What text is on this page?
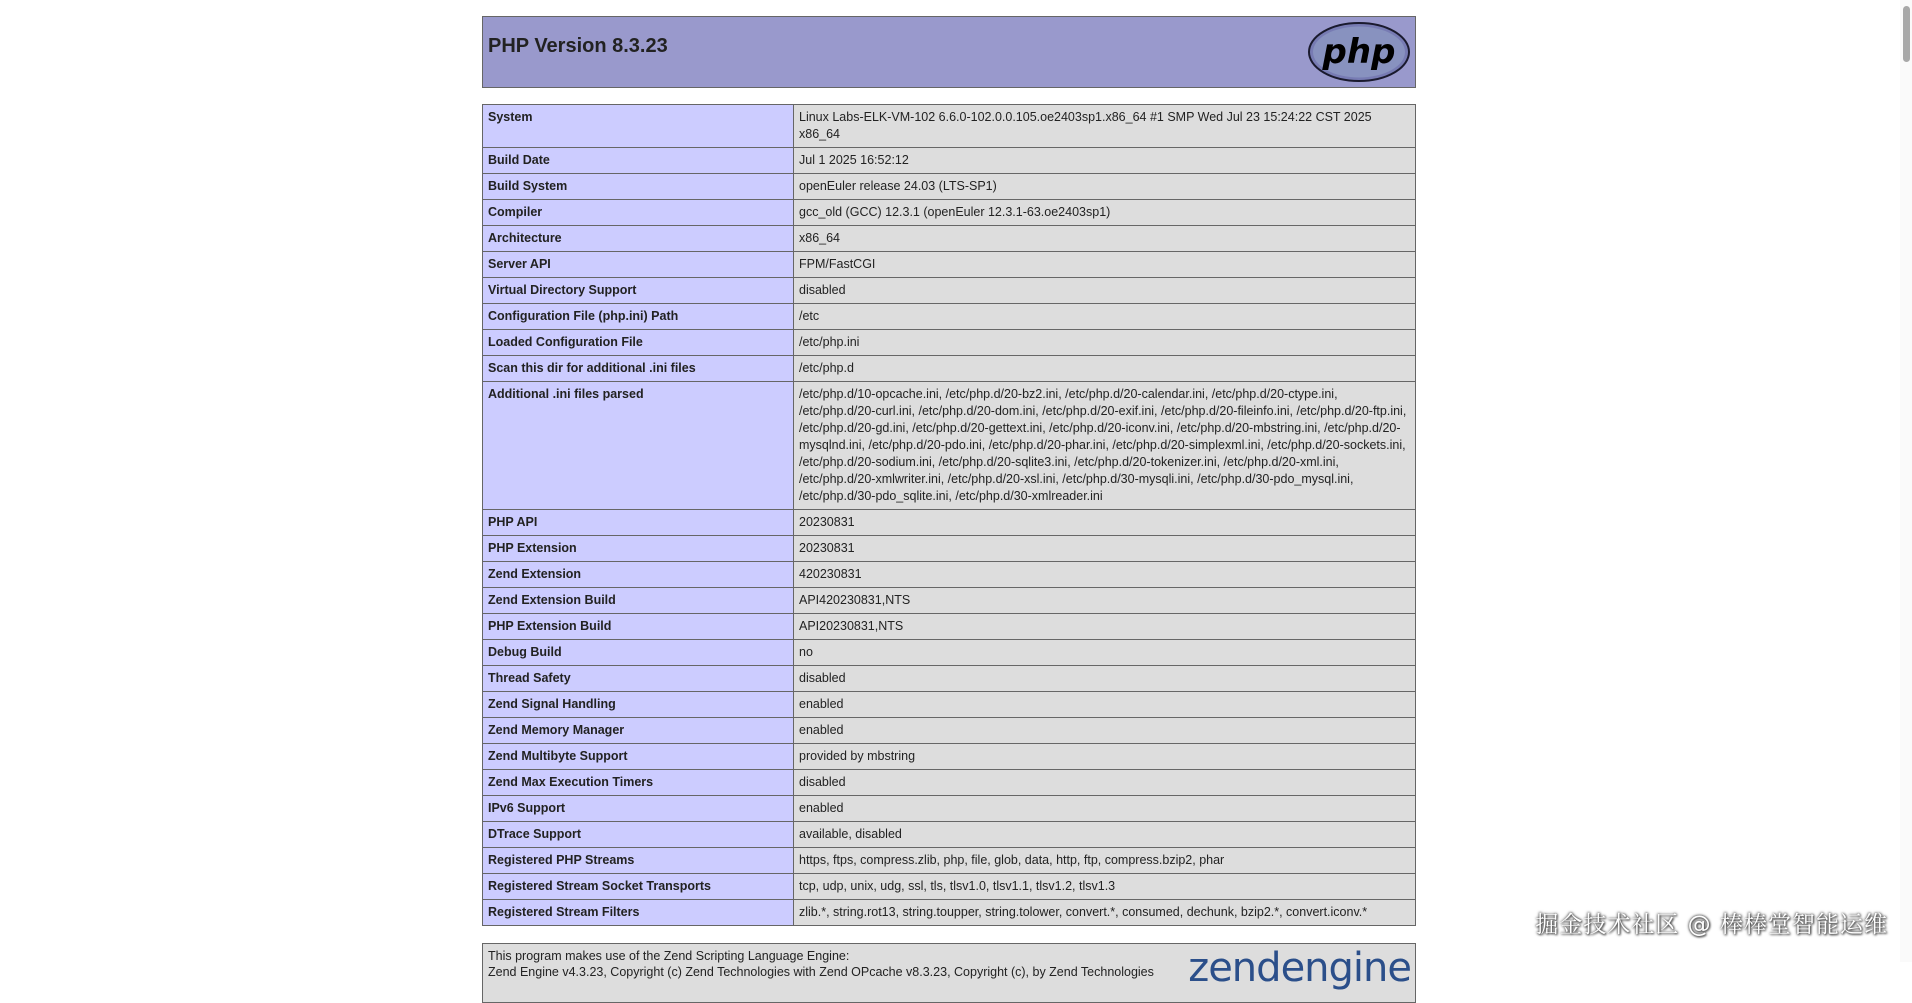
PHP Version 8.3.23	php
System	Linux Labs-ELK-VM-102 6.6.0-102.0.0.105.oe2403sp1.x86_64 #1 SMP Wed Jul 23 15:24:22 CST 2025 x86_64
Build Date	Jul 1 2025 16:52:12
Build System	openEuler release 24.03 (LTS-SP1)
Compiler	gcc_old (GCC) 12.3.1 (openEuler 12.3.1-63.oe2403sp1)
Architecture	x86_64
Server API	FPM/FastCGI
Virtual Directory Support	disabled
Configuration File (php.ini) Path	/etc
Loaded Configuration File	/etc/php.ini
Scan this dir for additional .ini files	/etc/php.d
Additional .ini files parsed	/etc/php.d/10-opcache.ini, /etc/php.d/20-bz2.ini, /etc/php.d/20-calendar.ini, /etc/php.d/20-ctype.ini, /etc/php.d/20-curl.ini, /etc/php.d/20-dom.ini, /etc/php.d/20-exif.ini, /etc/php.d/20-fileinfo.ini, /etc/php.d/20-ftp.ini, /etc/php.d/20-gd.ini, /etc/php.d/20-gettext.ini, /etc/php.d/20-iconv.ini, /etc/php.d/20-mbstring.ini, /etc/php.d/20-mysqlnd.ini, /etc/php.d/20-pdo.ini, /etc/php.d/20-phar.ini, /etc/php.d/20-simplexml.ini, /etc/php.d/20-sockets.ini, /etc/php.d/20-sodium.ini, /etc/php.d/20-sqlite3.ini, /etc/php.d/20-tokenizer.ini, /etc/php.d/20-xml.ini, /etc/php.d/20-xmlwriter.ini, /etc/php.d/20-xsl.ini, /etc/php.d/30-mysqli.ini, /etc/php.d/30-pdo_mysql.ini, /etc/php.d/30-pdo_sqlite.ini, /etc/php.d/30-xmlreader.ini
PHP API	20230831
PHP Extension	20230831
Zend Extension	420230831
Zend Extension Build	API420230831,NTS
PHP Extension Build	API20230831,NTS
Debug Build	no
Thread Safety	disabled
Zend Signal Handling	enabled
Zend Memory Manager	enabled
Zend Multibyte Support	provided by mbstring
Zend Max Execution Timers	disabled
IPv6 Support	enabled
DTrace Support	available, disabled
Registered PHP Streams	https, ftps, compress.zlib, php, file, glob, data, http, ftp, compress.bzip2, phar
Registered Stream Socket Transports	tcp, udp, unix, udg, ssl, tls, tlsv1.0, tlsv1.1, tlsv1.2, tlsv1.3
Registered Stream Filters	zlib.*, string.rot13, string.toupper, string.tolower, convert.*, consumed, dechunk, bzip2.*, convert.iconv.*
This program makes use of the Zend Scripting Language Engine:
Zend Engine v4.3.23, Copyright (c) Zend Technologies with Zend OPcache v8.3.23, Copyright (c), by Zend Technologies zendengine
掘金技术社区 @ 棒棒堂智能运维
